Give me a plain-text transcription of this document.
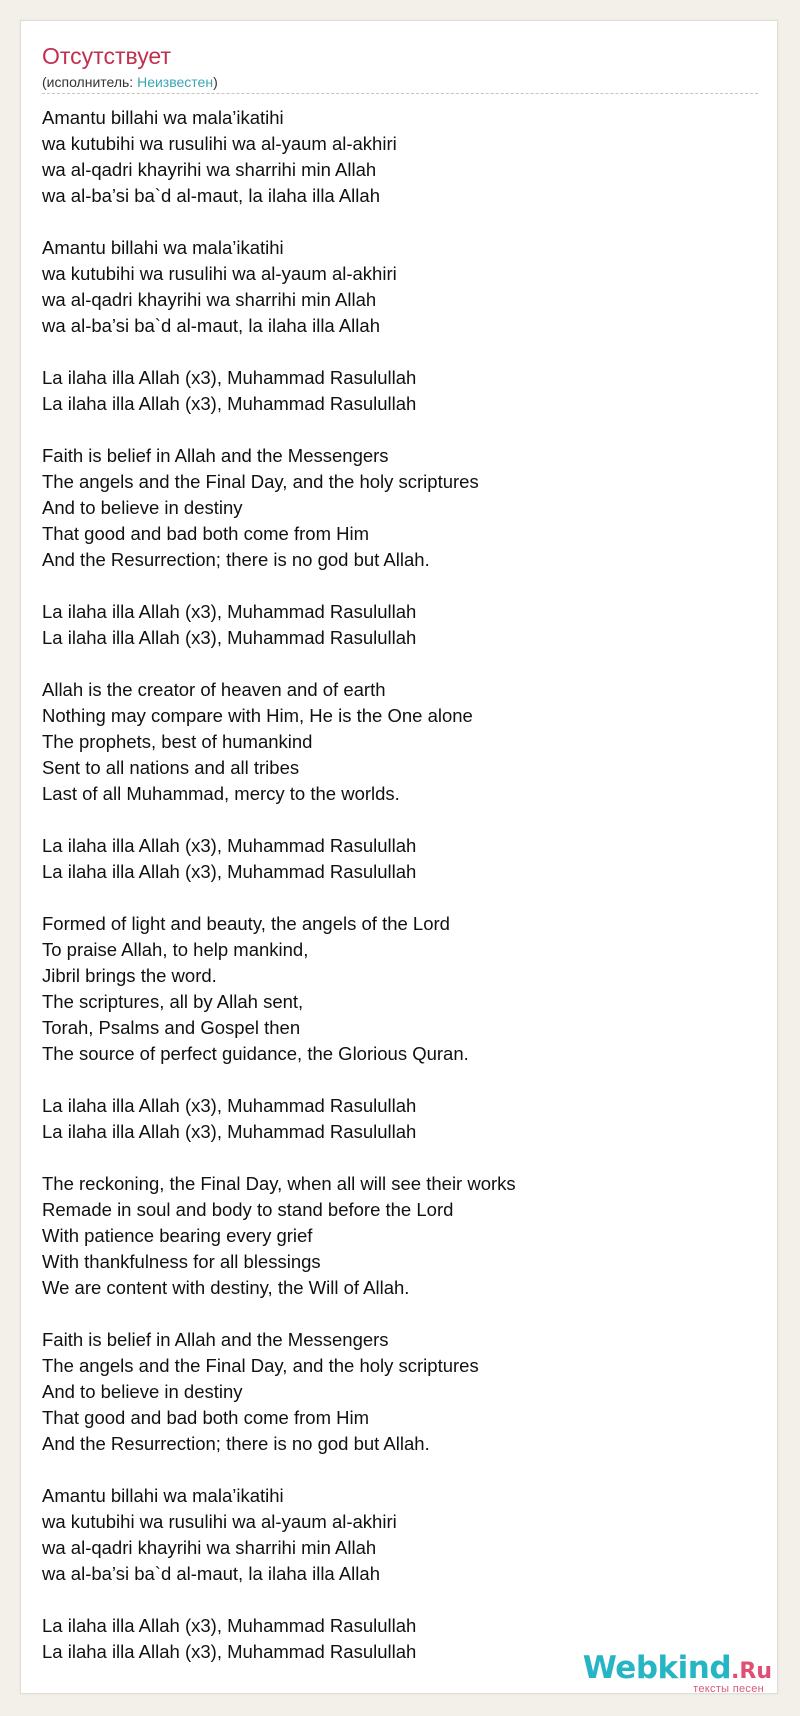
Отсутствует
(исполнитель: Неизвестен)
Amantu billahi wa mala’ikatihi
wa kutubihi wa rusulihi wa al-yaum al-akhiri
wa al-qadri khayrihi wa sharrihi min Allah
wa al-ba’si ba`d al-maut, la ilaha illa Allah
Amantu billahi wa mala’ikatihi
wa kutubihi wa rusulihi wa al-yaum al-akhiri
wa al-qadri khayrihi wa sharrihi min Allah
wa al-ba’si ba`d al-maut, la ilaha illa Allah
La ilaha illa Allah (x3), Muhammad Rasulullah
La ilaha illa Allah (x3), Muhammad Rasulullah
Faith is belief in Allah and the Messengers
The angels and the Final Day, and the holy scriptures
And to believe in destiny
That good and bad both come from Him
And the Resurrection; there is no god but Allah.
La ilaha illa Allah (x3), Muhammad Rasulullah
La ilaha illa Allah (x3), Muhammad Rasulullah
Allah is the creator of heaven and of earth
Nothing may compare with Him, He is the One alone
The prophets, best of humankind
Sent to all nations and all tribes
Last of all Muhammad, mercy to the worlds.
La ilaha illa Allah (x3), Muhammad Rasulullah
La ilaha illa Allah (x3), Muhammad Rasulullah
Formed of light and beauty, the angels of the Lord
To praise Allah, to help mankind,
Jibril brings the word.
The scriptures, all by Allah sent,
Torah, Psalms and Gospel then
The source of perfect guidance, the Glorious Quran.
La ilaha illa Allah (x3), Muhammad Rasulullah
La ilaha illa Allah (x3), Muhammad Rasulullah
The reckoning, the Final Day, when all will see their works
Remade in soul and body to stand before the Lord
With patience bearing every grief
With thankfulness for all blessings
We are content with destiny, the Will of Allah.
Faith is belief in Allah and the Messengers
The angels and the Final Day, and the holy scriptures
And to believe in destiny
That good and bad both come from Him
And the Resurrection; there is no god but Allah.
Amantu billahi wa mala’ikatihi
wa kutubihi wa rusulihi wa al-yaum al-akhiri
wa al-qadri khayrihi wa sharrihi min Allah
wa al-ba’si ba`d al-maut, la ilaha illa Allah
La ilaha illa Allah (x3), Muhammad Rasulullah
La ilaha illa Allah (x3), Muhammad Rasulullah	Webkind.Ru
тексты песен
